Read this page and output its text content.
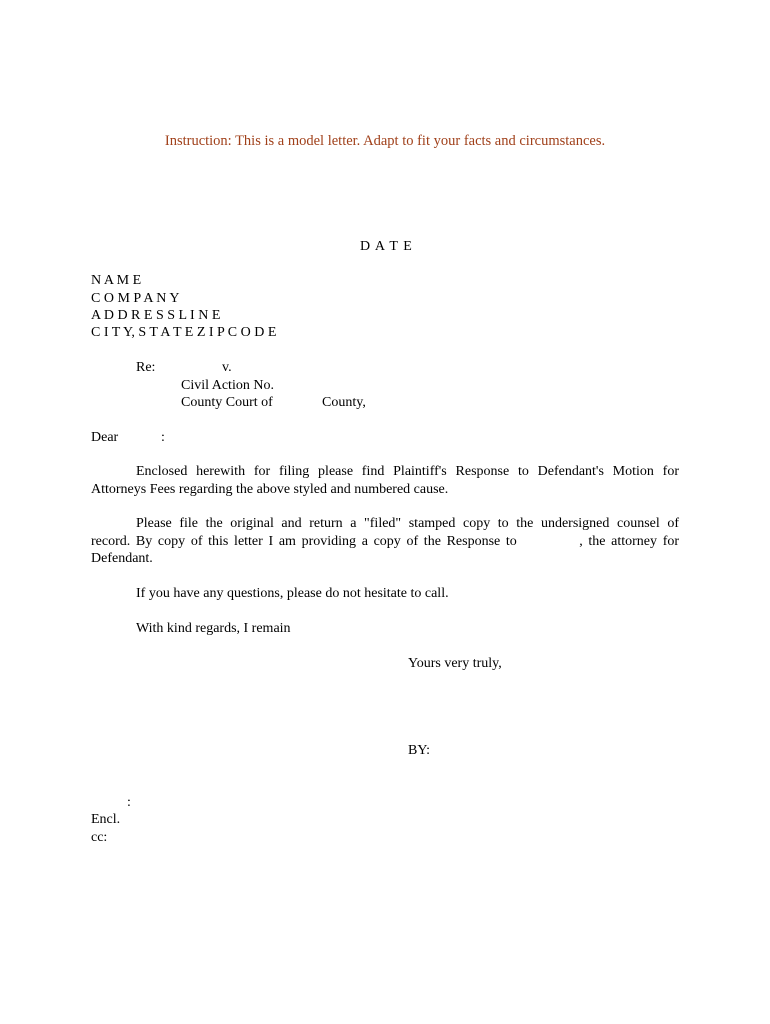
Instruction: This is a model letter. Adapt to fit your facts and circumstances.
D A T E
N A M E
C O M P A N Y
A D D R E S S L I N E
C I T Y, S T A T E Z I P C O D E
Re:	v.
Civil Action No.
County Court of	County,
Dear	:
Enclosed herewith for filing please find Plaintiff's Response to Defendant's Motion for
Attorneys Fees regarding the above styled and numbered cause.
Please file the original and return a "filed" stamped copy to the undersigned counsel of
record. By copy of this letter I am providing a copy of the Response to	, the attorney for
Defendant.
If you have any questions, please do not hesitate to call.
With kind regards, I remain
Yours very truly,
BY:
:
Encl.
cc:
